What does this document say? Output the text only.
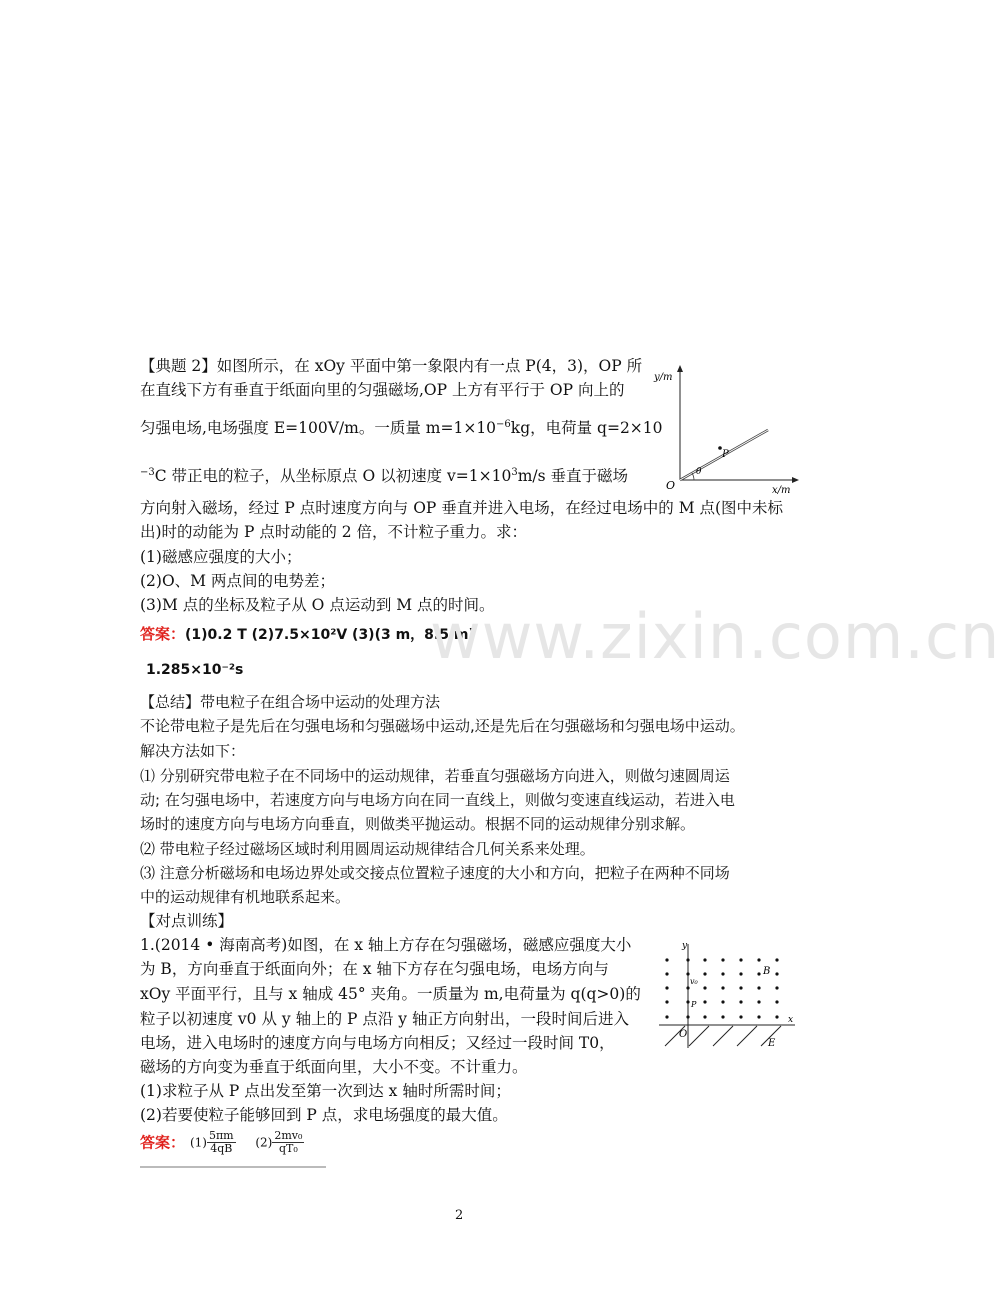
【典题 2】如图所示，在 xOy 平面中第一象限内有一点 P(4，3)，OP 所
在直线下方有垂直于纸面向里的匀强磁场,OP 上方有平行于 OP 向上的
匀强电场,电场强度 E=100V/m。一质量 $m=1\times 10^{-6}kg$，电荷量 q=2×10
$^{-3}$C 带正电的粒子，从坐标原点 O 以初速度 $v=1\times 10^3m/s$ 垂直于磁场
方向射入磁场，经过 P 点时速度方向与 OP 垂直并进入电场，在经过电场中的 M 点(图中未标
出)时的动能为 P 点时动能的 2 倍，不计粒子重力。求：
(1)磁感应强度的大小；
(2)O、M 两点间的电势差；
(3)M 点的坐标及粒子从 O 点运动到 M 点的时间。
答案：(1)0.2 T (2)7.5×10²V (3)(3 m，8.5 m)
1.285×10⁻²s
y/m
x/m
O
P
θ
www.zixin.com.cn
【总结】带电粒子在组合场中运动的处理方法
不论带电粒子是先后在匀强电场和匀强磁场中运动,还是先后在匀强磁场和匀强电场中运动。
解决方法如下：
⑴ 分别研究带电粒子在不同场中的运动规律，若垂直匀强磁场方向进入，则做匀速圆周运
动; 在匀强电场中，若速度方向与电场方向在同一直线上，则做匀变速直线运动，若进入电
场时的速度方向与电场方向垂直，则做类平抛运动。根据不同的运动规律分别求解。
⑵ 带电粒子经过磁场区域时利用圆周运动规律结合几何关系来处理。
⑶ 注意分析磁场和电场边界处或交接点位置粒子速度的大小和方向，把粒子在两种不同场
中的运动规律有机地联系起来。
【对点训练】
1.(2014 • 海南高考)如图，在 x 轴上方存在匀强磁场，磁感应强度大小
为 B，方向垂直于纸面向外；在 x 轴下方存在匀强电场，电场方向与
xOy 平面平行，且与 x 轴成 45° 夹角。一质量为 m,电荷量为 q(q>0)的
粒子以初速度 v0 从 y 轴上的 P 点沿 y 轴正方向射出，一段时间后进入
电场，进入电场时的速度方向与电场方向相反；又经过一段时间 T0，
磁场的方向变为垂直于纸面向里，大小不变。不计重力。
(1)求粒子从 P 点出发至第一次到达 x 轴时所需时间；
(2)若要使粒子能够回到 P 点，求电场强度的最大值。
答案： $(1) \frac{5\pi m}{4qB} (2) \frac{\text{2mv₀}}{\text{qT₀}}$
y
x
O
B
E
v₀
P
2
